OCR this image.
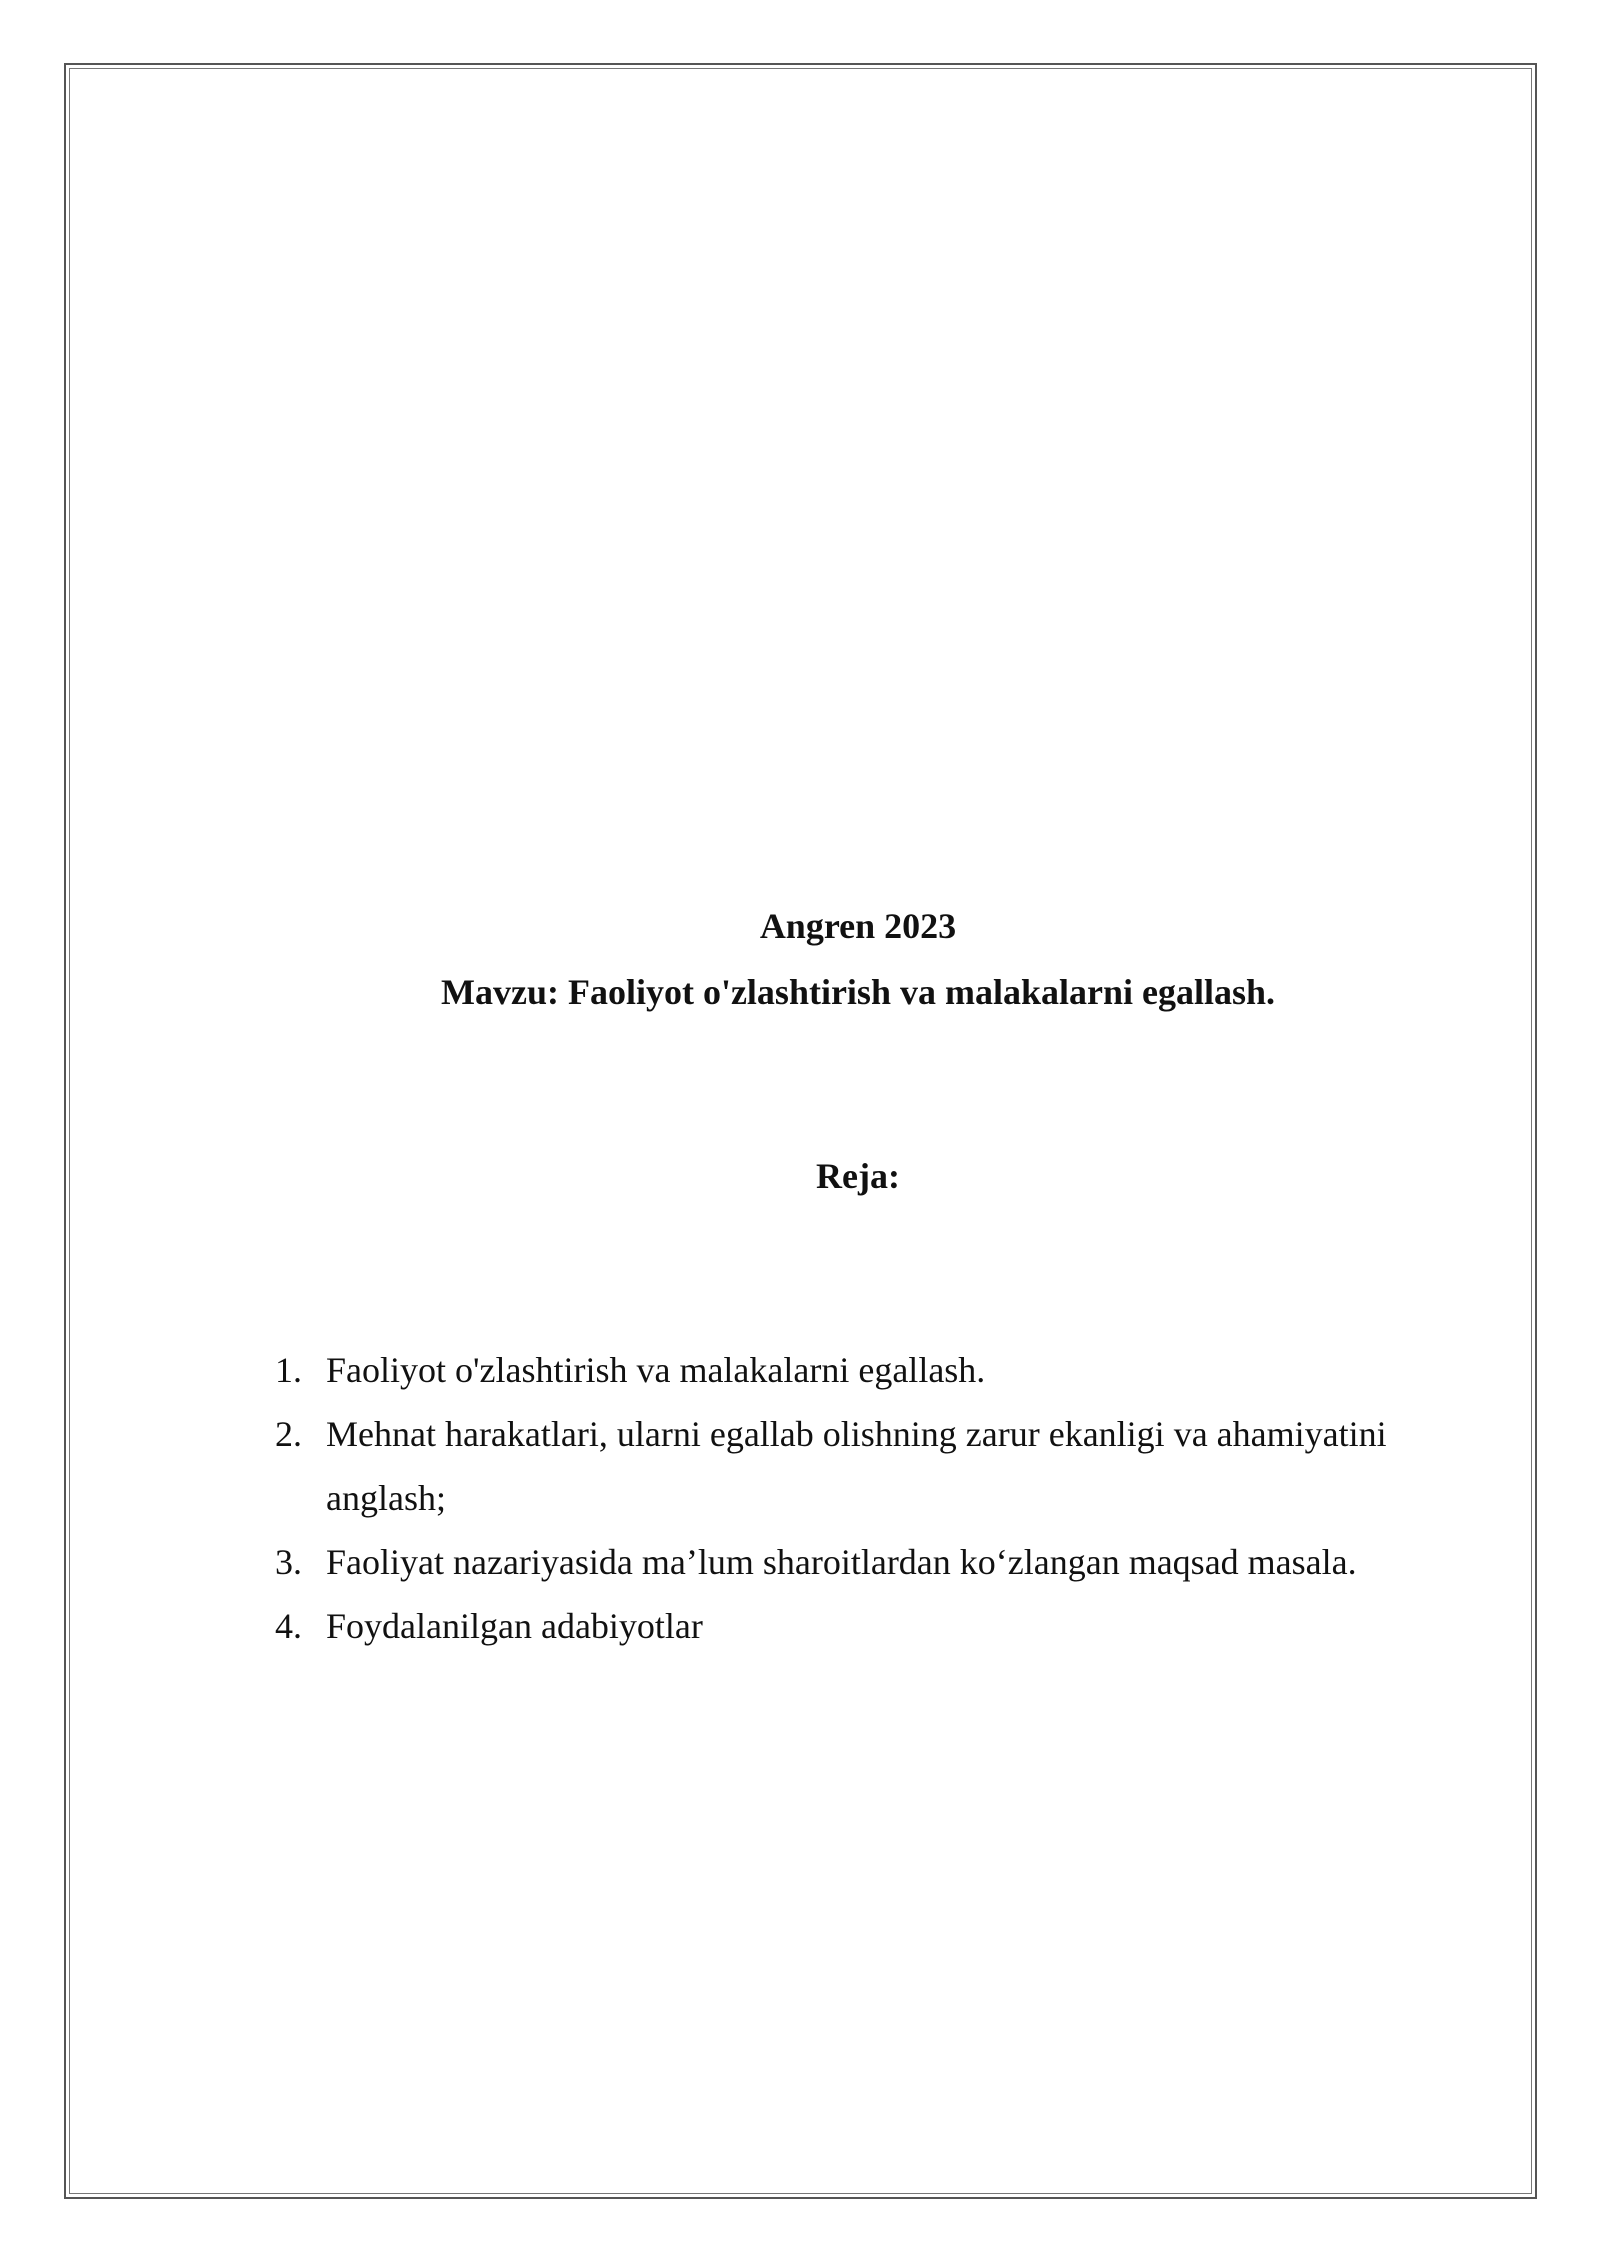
Angren 2023
Mavzu: Faoliyot o'zlashtirish va malakalarni egallash.
Reja:
1. Faoliyot o'zlashtirish va malakalarni egallash.
2. Mehnat harakatlari, ularni egallab olishning zarur ekanligi va ahamiyatini anglash;
3. Faoliyat nazariyasida ma’lum sharoitlardan ko‘zlangan maqsad masala.
4. Foydalanilgan adabiyotlar
